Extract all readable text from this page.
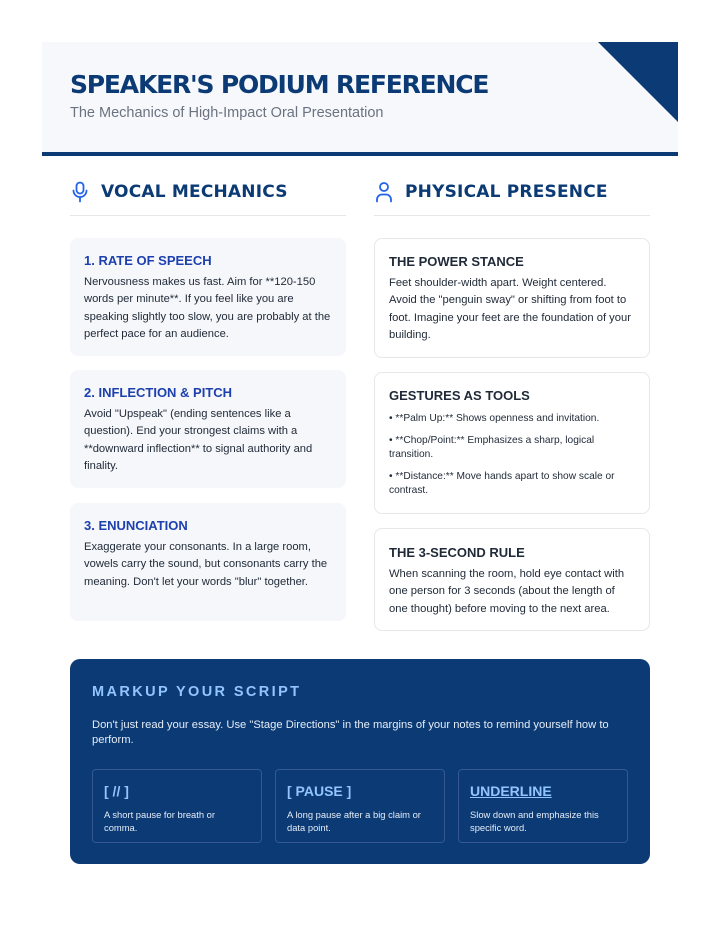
SPEAKER'S PODIUM REFERENCE
The Mechanics of High-Impact Oral Presentation
VOCAL MECHANICS	PHYSICAL PRESENCE
1. RATE OF SPEECH
Nervousness makes us fast. Aim for **120-150 words per minute**. If you feel like you are speaking slightly too slow, you are probably at the perfect pace for an audience.
2. INFLECTION & PITCH
Avoid "Upspeak" (ending sentences like a question). End your strongest claims with a **downward inflection** to signal authority and finality.
3. ENUNCIATION
Exaggerate your consonants. In a large room, vowels carry the sound, but consonants carry the meaning. Don't let your words "blur" together.
THE POWER STANCE
Feet shoulder-width apart. Weight centered. Avoid the "penguin sway" or shifting from foot to foot. Imagine your feet are the foundation of your building.
GESTURES AS TOOLS
• **Palm Up:** Shows openness and invitation.
• **Chop/Point:** Emphasizes a sharp, logical transition.
• **Distance:** Move hands apart to show scale or contrast.
THE 3-SECOND RULE
When scanning the room, hold eye contact with one person for 3 seconds (about the length of one thought) before moving to the next area.
MARKUP YOUR SCRIPT
Don't just read your essay. Use "Stage Directions" in the margins of your notes to remind yourself how to perform.
[ // ]
A short pause for breath or comma.
[ PAUSE ]
A long pause after a big claim or data point.
UNDERLINE
Slow down and emphasize this specific word.
